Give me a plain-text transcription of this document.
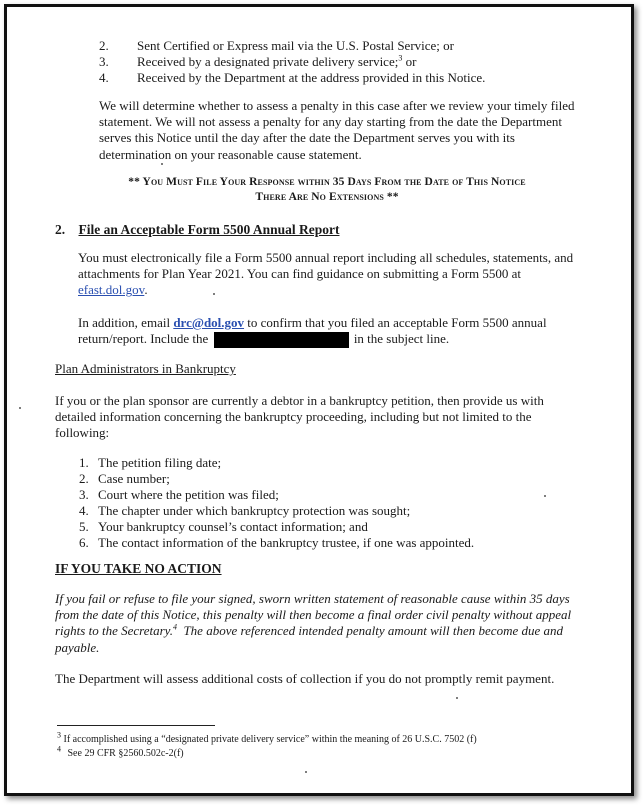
2. Sent Certified or Express mail via the U.S. Postal Service; or
3. Received by a designated private delivery service;$^3$ or
4. Received by the Department at the address provided in this Notice.
We will determine whether to assess a penalty in this case after we review your timely filed statement. We will not assess a penalty for any day starting from the date the Department serves this Notice until the day after the date the Department serves you with its determination on your reasonable cause statement.
** You Must File Your Response within 35 Days From the Date of This Notice
There Are No Extensions **
2. File an Acceptable Form 5500 Annual Report
You must electronically file a Form 5500 annual report including all schedules, statements, and attachments for Plan Year 2021. You can find guidance on submitting a Form 5500 at efast.dol.gov.
In addition, email drc@dol.gov to confirm that you filed an acceptable Form 5500 annual return/report. Include the	in the subject line.
Plan Administrators in Bankruptcy
If you or the plan sponsor are currently a debtor in a bankruptcy petition, then provide us with detailed information concerning the bankruptcy proceeding, including but not limited to the following:
1. The petition filing date;
2. Case number;
3. Court where the petition was filed;
4. The chapter under which bankruptcy protection was sought;
5. Your bankruptcy counsel’s contact information; and
6. The contact information of the bankruptcy trustee, if one was appointed.
IF YOU TAKE NO ACTION
If you fail or refuse to file your signed, sworn written statement of reasonable cause within 35 days from the date of this Notice, this penalty will then become a final order civil penalty without appeal rights to the Secretary.$^4$  The above referenced intended penalty amount will then become due and payable.
The Department will assess additional costs of collection if you do not promptly remit payment.
$^3$ If accomplished using a “designated private delivery service” within the meaning of 26 U.S.C. 7502 (f)
$^4$ See 29 CFR §2560.502c-2(f)
